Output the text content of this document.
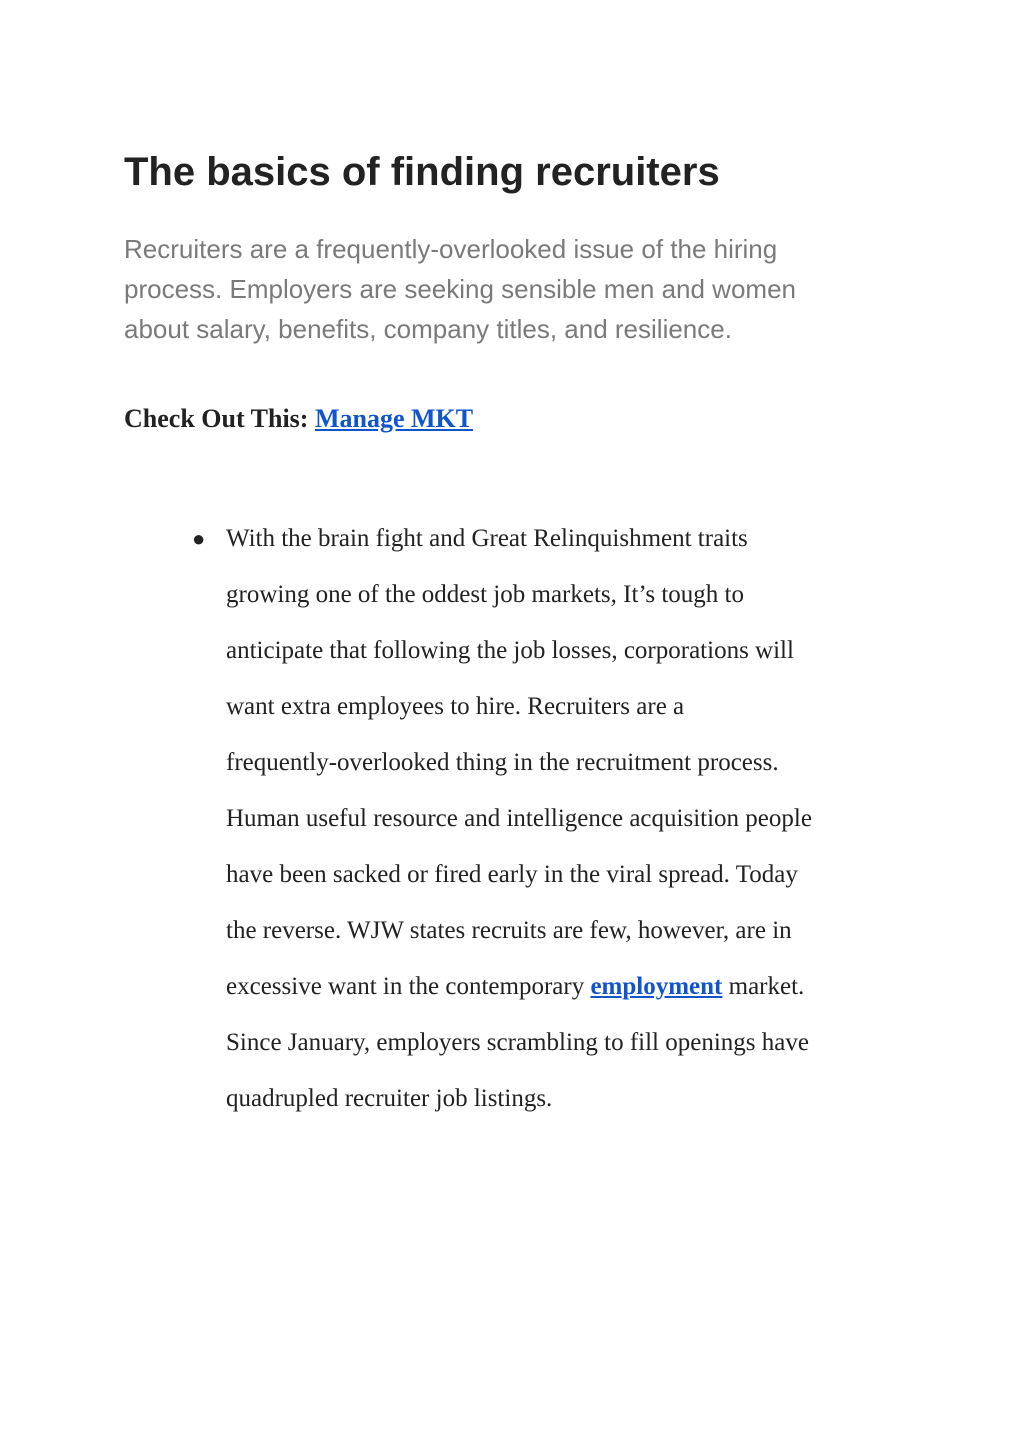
The basics of finding recruiters

Recruiters are a frequently-overlooked issue of the hiring
process. Employers are seeking sensible men and women
about salary, benefits, company titles, and resilience.

Check Out This: Manage MKT

● With the brain fight and Great Relinquishment traits
growing one of the oddest job markets, It’s tough to
anticipate that following the job losses, corporations will
want extra employees to hire. Recruiters are a
frequently-overlooked thing in the recruitment process.
Human useful resource and intelligence acquisition people
have been sacked or fired early in the viral spread. Today
the reverse. WJW states recruits are few, however, are in
excessive want in the contemporary employment market.
Since January, employers scrambling to fill openings have
quadrupled recruiter job listings.
